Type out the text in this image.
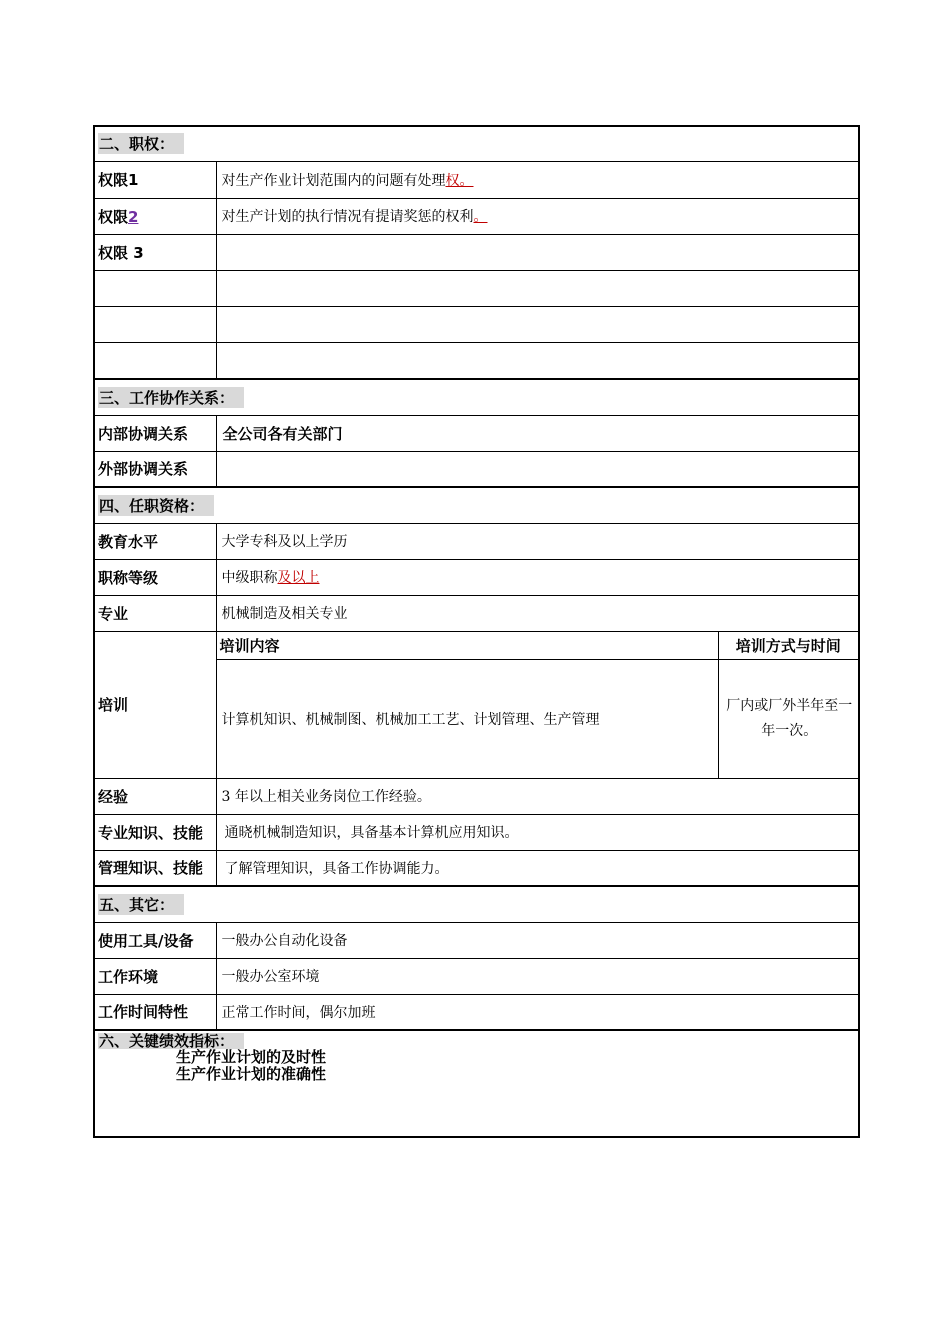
二、职权：		
权限1	对生产作业计划范围内的问题有处理权。	
权限2	对生产计划的执行情况有提请奖惩的权利。	
权限 3		

三、工作协作关系：		
内部协调关系	全公司各有关部门	
外部协调关系		
四、任职资格：		
教育水平	大学专科及以上学历	
职称等级	中级职称及以上	
专业	机械制造及相关专业	
培训	培训内容	培训方式与时间
	计算机知识、机械制图、机械加工工艺、计划管理、生产管理	厂内或厂外半年至一年一次。
经验	3 年以上相关业务岗位工作经验。	
专业知识、技能	通晓机械制造知识，具备基本计算机应用知识。	
管理知识、技能	了解管理知识，具备工作协调能力。	
五、其它：		
使用工具/设备	一般办公自动化设备	
工作环境	一般办公室环境	
工作时间特性	正常工作时间，偶尔加班	

六、关键绩效指标：
生产作业计划的及时性
生产作业计划的准确性		
